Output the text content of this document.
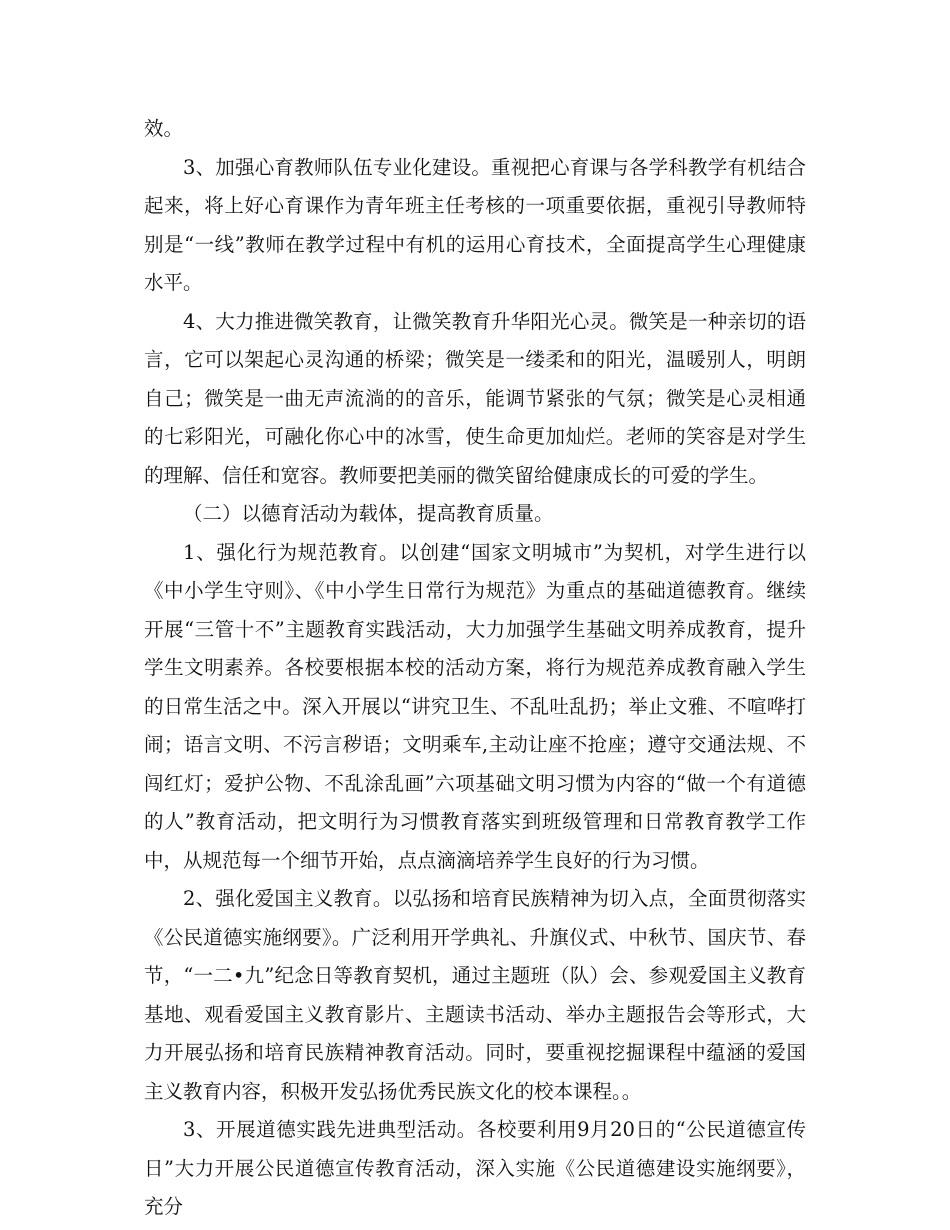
效。

3、加强心育教师队伍专业化建设。重视把心育课与各学科教学有机结合起来，将上好心育课作为青年班主任考核的一项重要依据，重视引导教师特别是“一线”教师在教学过程中有机的运用心育技术，全面提高学生心理健康水平。

4、大力推进微笑教育，让微笑教育升华阳光心灵。微笑是一种亲切的语言，它可以架起心灵沟通的桥梁；微笑是一缕柔和的阳光，温暖别人，明朗自己；微笑是一曲无声流淌的的音乐，能调节紧张的气氛；微笑是心灵相通的七彩阳光，可融化你心中的冰雪，使生命更加灿烂。老师的笑容是对学生的理解、信任和宽容。教师要把美丽的微笑留给健康成长的可爱的学生。

（二）以德育活动为载体，提高教育质量。

1、强化行为规范教育。以创建“国家文明城市”为契机，对学生进行以《中小学生守则》、《中小学生日常行为规范》为重点的基础道德教育。继续开展“三管十不”主题教育实践活动，大力加强学生基础文明养成教育，提升学生文明素养。各校要根据本校的活动方案，将行为规范养成教育融入学生的日常生活之中。深入开展以“讲究卫生、不乱吐乱扔；举止文雅、不喧哗打闹；语言文明、不污言秽语；文明乘车,主动让座不抢座；遵守交通法规、不闯红灯；爱护公物、不乱涂乱画”六项基础文明习惯为内容的“做一个有道德的人”教育活动，把文明行为习惯教育落实到班级管理和日常教育教学工作中，从规范每一个细节开始，点点滴滴培养学生良好的行为习惯。

2、强化爱国主义教育。以弘扬和培育民族精神为切入点，全面贯彻落实《公民道德实施纲要》。广泛利用开学典礼、升旗仪式、中秋节、国庆节、春节，“一二•九”纪念日等教育契机，通过主题班（队）会、参观爱国主义教育基地、观看爱国主义教育影片、主题读书活动、举办主题报告会等形式，大力开展弘扬和培育民族精神教育活动。同时，要重视挖掘课程中蕴涵的爱国主义教育内容，积极开发弘扬优秀民族文化的校本课程。。

3、开展道德实践先进典型活动。各校要利用9月20日的“公民道德宣传日”大力开展公民道德宣传教育活动，深入实施《公民道德建设实施纲要》，充分
